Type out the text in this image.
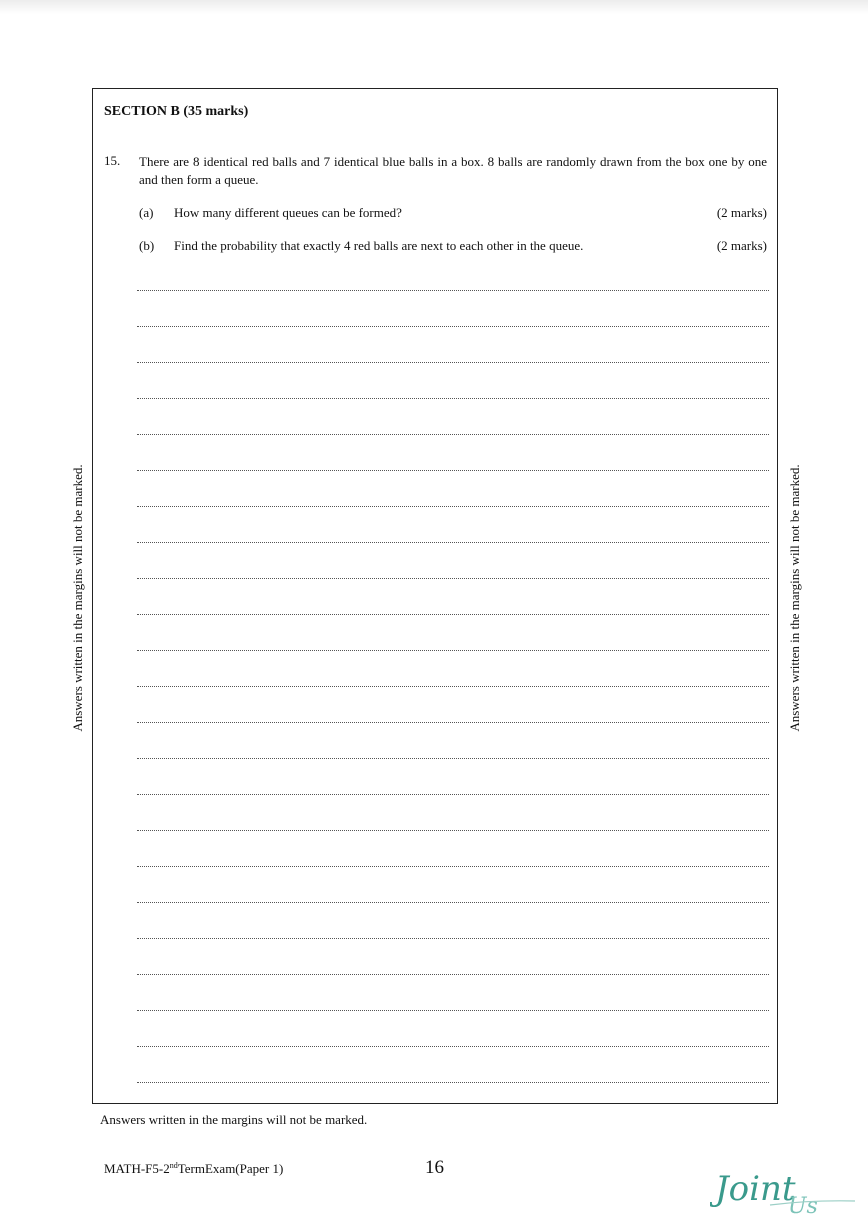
SECTION B (35 marks)
15. There are 8 identical red balls and 7 identical blue balls in a box. 8 balls are randomly drawn from the box one by one and then form a queue.
(a) How many different queues can be formed?	(2 marks)
(b) Find the probability that exactly 4 red balls are next to each other in the queue.	(2 marks)
Answers written in the margins will not be marked.	Answers written in the margins will not be marked.
Answers written in the margins will not be marked.
MATH-F5-2ndTermExam(Paper 1)	16
Joint
Us
